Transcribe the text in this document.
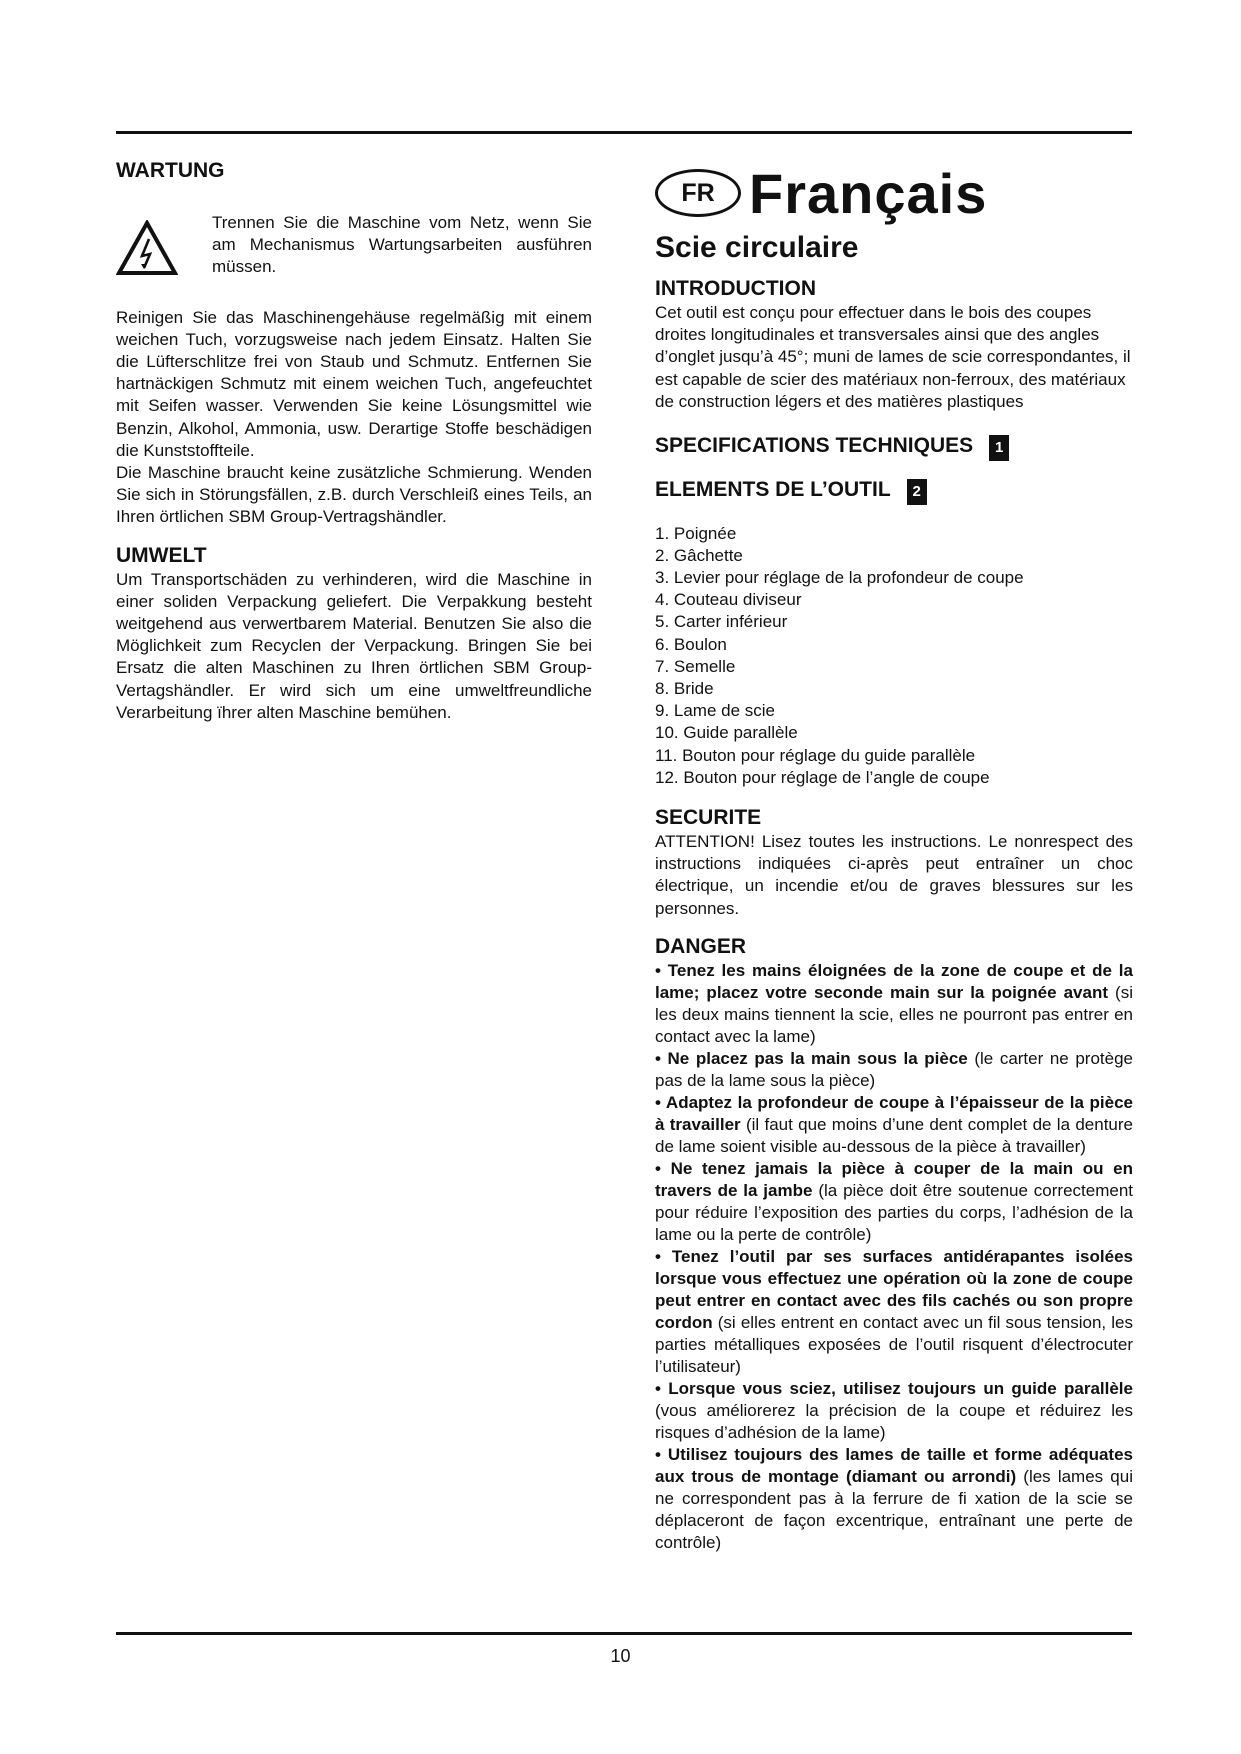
WARTUNG

Trennen Sie die Maschine vom Netz, wenn Sie am Mechanismus Wartungsarbeiten ausführen müssen.

Reinigen Sie das Maschinengehäuse regelmäßig mit einem weichen Tuch, vorzugsweise nach jedem Einsatz. Halten Sie die Lüfterschlitze frei von Staub und Schmutz. Entfernen Sie hartnäckigen Schmutz mit einem weichen Tuch, angefeuchtet mit Seifen wasser. Verwenden Sie keine Lösungsmittel wie Benzin, Alkohol, Ammonia, usw. Derartige Stoffe beschädigen die Kunststoffteile.

Die Maschine braucht keine zusätzliche Schmierung. Wenden Sie sich in Störungsfällen, z.B. durch Verschleiß eines Teils, an Ihren örtlichen SBM Group-Vertragshändler.

UMWELT

Um Transportschäden zu verhinderen, wird die Maschine in einer soliden Verpackung geliefert. Die Verpakkung besteht weitgehend aus verwertbarem Material. Benutzen Sie also die Möglichkeit zum Recyclen der Verpackung. Bringen Sie bei Ersatz die alten Maschinen zu Ihren örtlichen SBM Group-Vertagshändler. Er wird sich um eine umweltfreundliche Verarbeitung ïhrer alten Maschine bemühen.

FR Français
Scie circulaire
INTRODUCTION

Cet outil est conçu pour effectuer dans le bois des coupes droites longitudinales et transversales ainsi que des angles d’onglet jusqu’à 45°; muni de lames de scie correspondantes, il est capable de scier des matériaux non-ferroux, des matériaux de construction légers et des matières plastiques

SPECIFICATIONS TECHNIQUES 1
ELEMENTS DE L’OUTIL 2
1. Poignée
2. Gâchette
3. Levier pour réglage de la profondeur de coupe
4. Couteau diviseur
5. Carter inférieur
6. Boulon
7. Semelle
8. Bride
9. Lame de scie
10. Guide parallèle
11. Bouton pour réglage du guide parallèle
12. Bouton pour réglage de l’angle de coupe
SECURITE

ATTENTION! Lisez toutes les instructions. Le nonrespect des instructions indiquées ci-après peut entraîner un choc électrique, un incendie et/ou de graves blessures sur les personnes.

DANGER

• Tenez les mains éloignées de la zone de coupe et de la lame; placez votre seconde main sur la poignée avant (si les deux mains tiennent la scie, elles ne pourront pas entrer en contact avec la lame)

• Ne placez pas la main sous la pièce (le carter ne protège pas de la lame sous la pièce)

• Adaptez la profondeur de coupe à l’épaisseur de la pièce à travailler (il faut que moins d’une dent complet de la denture de lame soient visible au-dessous de la pièce à travailler)

• Ne tenez jamais la pièce à couper de la main ou en travers de la jambe (la pièce doit être soutenue correctement pour réduire l’exposition des parties du corps, l’adhésion de la lame ou la perte de contrôle)

• Tenez l’outil par ses surfaces antidérapantes isolées lorsque vous effectuez une opération où la zone de coupe peut entrer en contact avec des fils cachés ou son propre cordon (si elles entrent en contact avec un fil sous tension, les parties métalliques exposées de l’outil risquent d’électrocuter l’utilisateur)

• Lorsque vous sciez, utilisez toujours un guide parallèle (vous améliorerez la précision de la coupe et réduirez les risques d’adhésion de la lame)

• Utilisez toujours des lames de taille et forme adéquates aux trous de montage (diamant ou arrondi) (les lames qui ne correspondent pas à la ferrure de fi xation de la scie se déplaceront de façon excentrique, entraînant une perte de contrôle)

10
